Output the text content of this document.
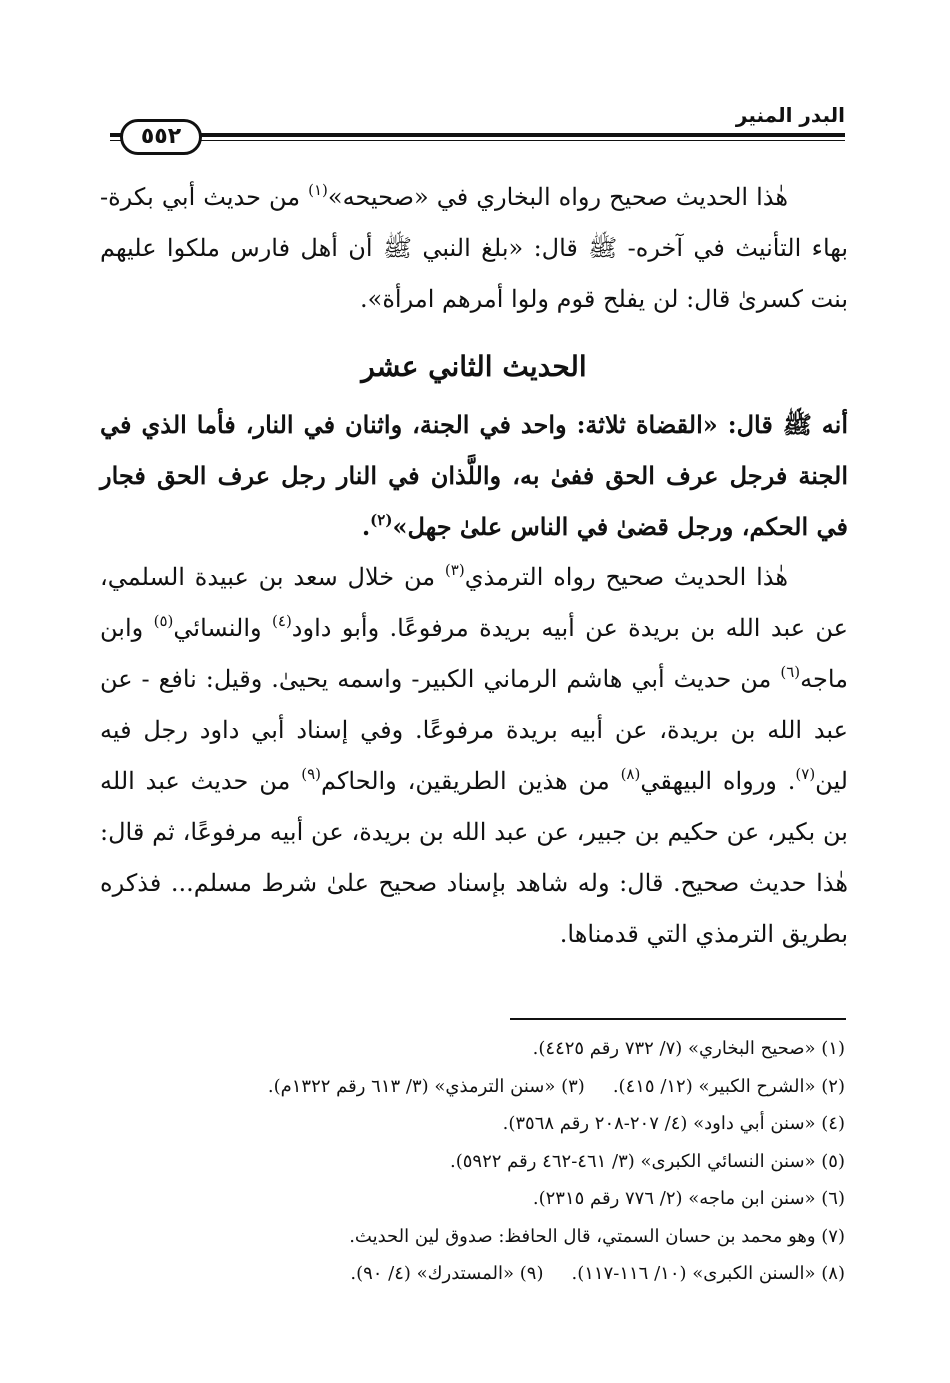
البدر المنير
٥٥٢

هٰذا الحديث صحيح رواه البخاري في «صحيحه»$^{(١)}$ من حديث أبي بكرة- بهاء التأنيث في آخره- ﷺ قال: «بلغ النبي ﷺ أن أهل فارس ملكوا عليهم بنت كسرىٰ قال: لن يفلح قوم ولوا أمرهم امرأة».

الحديث الثاني عشر

أنه ﷺ قال: «القضاة ثلاثة: واحد في الجنة، واثنان في النار، فأما الذي في الجنة فرجل عرف الحق ففىٰ به، واللَّذان في النار رجل عرف الحق فجار في الحكم، ورجل قضىٰ في الناس علىٰ جهل»$^{(٢)}$.

هٰذا الحديث صحيح رواه الترمذي$^{(٣)}$ من خلال سعد بن عبيدة السلمي، عن عبد الله بن بريدة عن أبيه بريدة مرفوعًا. وأبو داود$^{(٤)}$ والنسائي$^{(٥)}$ وابن ماجه$^{(٦)}$ من حديث أبي هاشم الرماني الكبير- واسمه يحيىٰ. وقيل: نافع - عن عبد الله بن بريدة، عن أبيه بريدة مرفوعًا. وفي إسناد أبي داود رجل فيه لين$^{(٧)}$. ورواه البيهقي$^{(٨)}$ من هذين الطريقين، والحاكم$^{(٩)}$ من حديث عبد الله بن بكير، عن حكيم بن جبير، عن عبد الله بن بريدة، عن أبيه مرفوعًا، ثم قال: هٰذا حديث صحيح. قال: وله شاهد بإسناد صحيح علىٰ شرط مسلم... فذكره بطريق الترمذي التي قدمناها.

(١) «صحيح البخاري» (٧/ ٧٣٢ رقم ٤٤٢٥).
(٢) «الشرح الكبير» (١٢/ ٤١٥).(٣) «سنن الترمذي» (٣/ ٦١٣ رقم ١٣٢٢م).
(٤) «سنن أبي داود» (٤/ ٢٠٧-٢٠٨ رقم ٣٥٦٨).
(٥) «سنن النسائي الكبرى» (٣/ ٤٦١-٤٦٢ رقم ٥٩٢٢).
(٦) «سنن ابن ماجه» (٢/ ٧٧٦ رقم ٢٣١٥).
(٧) وهو محمد بن حسان السمتي، قال الحافظ: صدوق لين الحديث.
(٨) «السنن الكبرى» (١٠/ ١١٦-١١٧).(٩) «المستدرك» (٤/ ٩٠).
